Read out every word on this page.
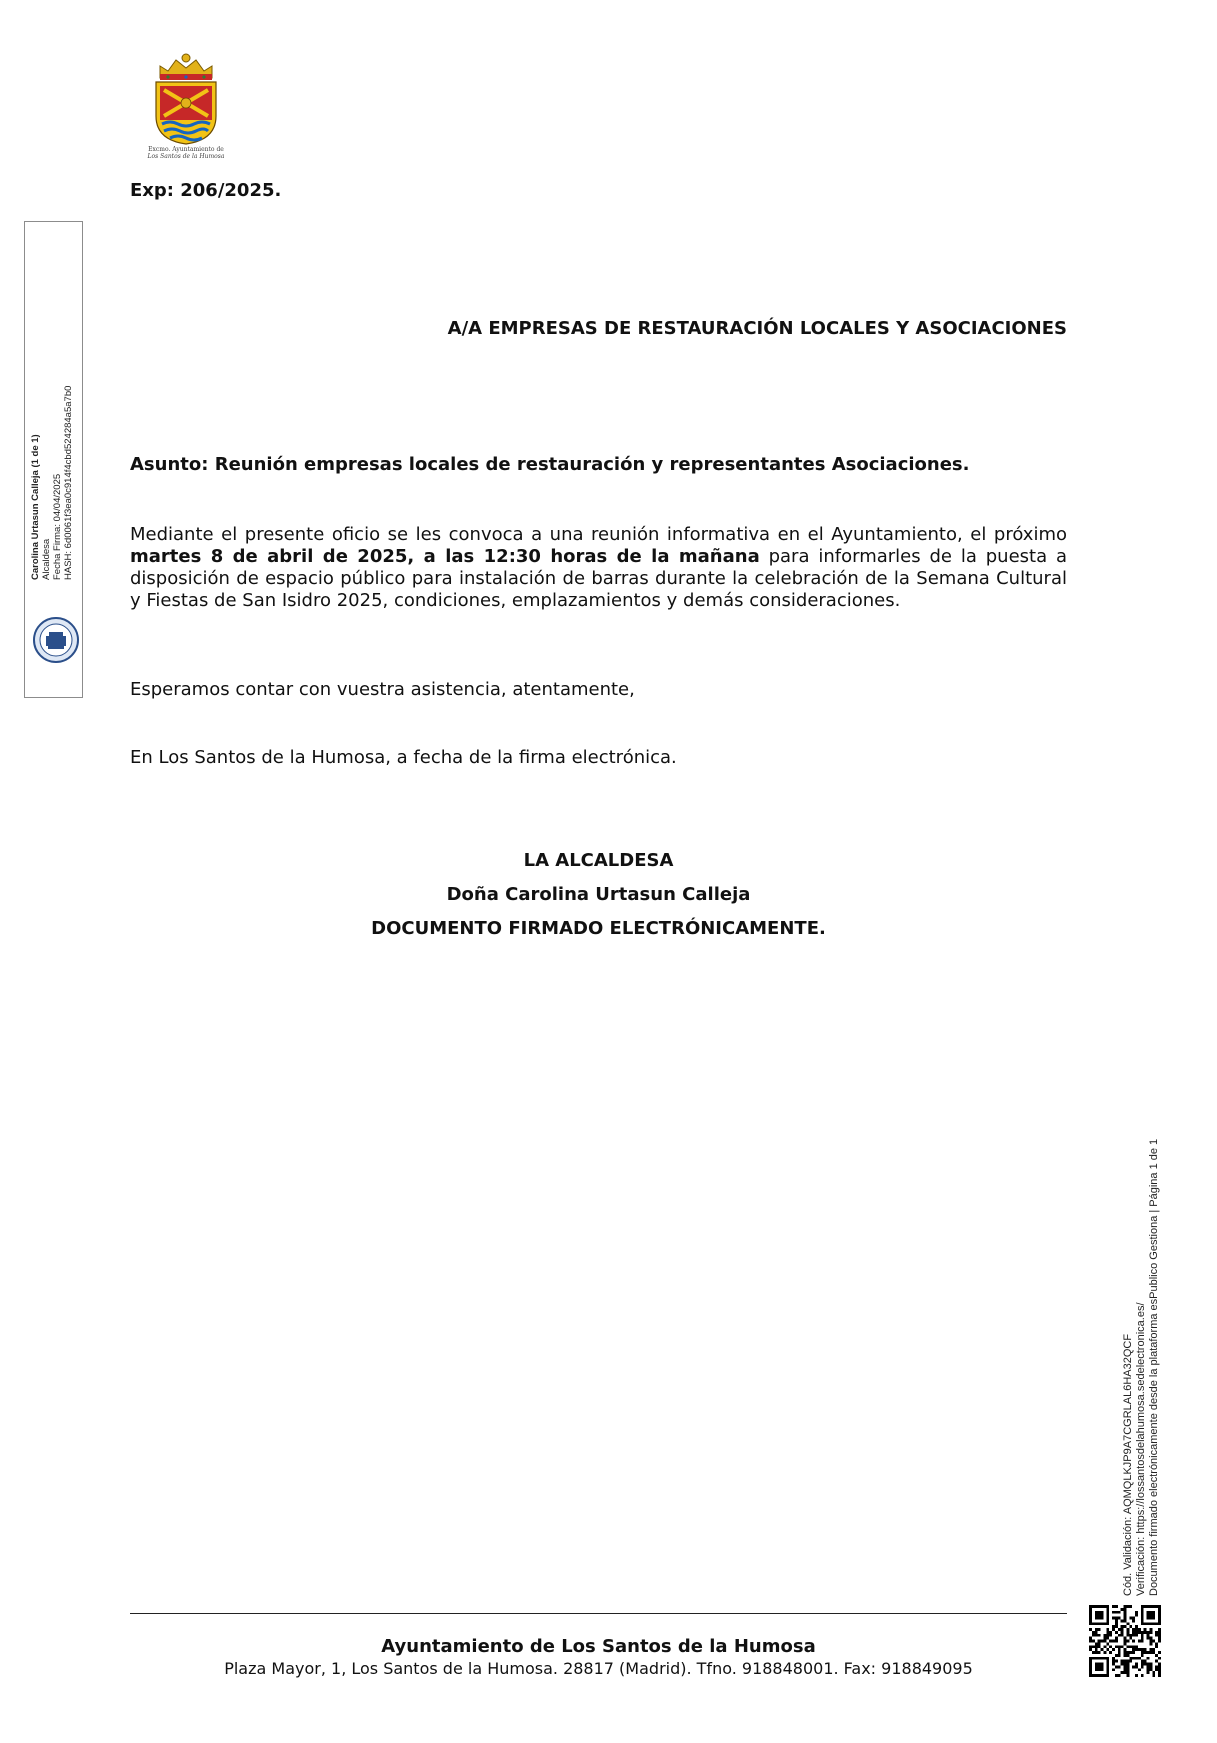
Excmo. Ayuntamiento de
Los Santos de la Humosa
Exp: 206/2025.
Carolina Urtasun Calleja (1 de 1) Alcaldesa Fecha Firma: 04/04/2025 HASH: 6d0061f3ea0c914f4cbd524284a5a7b0
A/A EMPRESAS DE RESTAURACIÓN LOCALES Y ASOCIACIONES
Asunto: Reunión empresas locales de restauración y representantes Asociaciones.
Mediante el presente oficio se les convoca a una reunión informativa en el Ayuntamiento, el próximo martes 8 de abril de 2025, a las 12:30 horas de la mañana para informarles de la puesta a disposición de espacio público para instalación de barras durante la celebración de la Semana Cultural y Fiestas de San Isidro 2025, condiciones, emplazamientos y demás consideraciones.
Esperamos contar con vuestra asistencia, atentamente,
En Los Santos de la Humosa, a fecha de la firma electrónica.
LA ALCALDESA
Doña Carolina Urtasun Calleja
DOCUMENTO FIRMADO ELECTRÓNICAMENTE.
Cód. Validación: AQMQLKJP9A7CGRLAL6HA32QCF Verificación: https://lossantosdelahumosa.sedelectronica.es/ Documento firmado electrónicamente desde la plataforma esPublico Gestiona | Página 1 de 1
Ayuntamiento de Los Santos de la Humosa
Plaza Mayor, 1, Los Santos de la Humosa. 28817 (Madrid). Tfno. 918848001. Fax: 918849095
